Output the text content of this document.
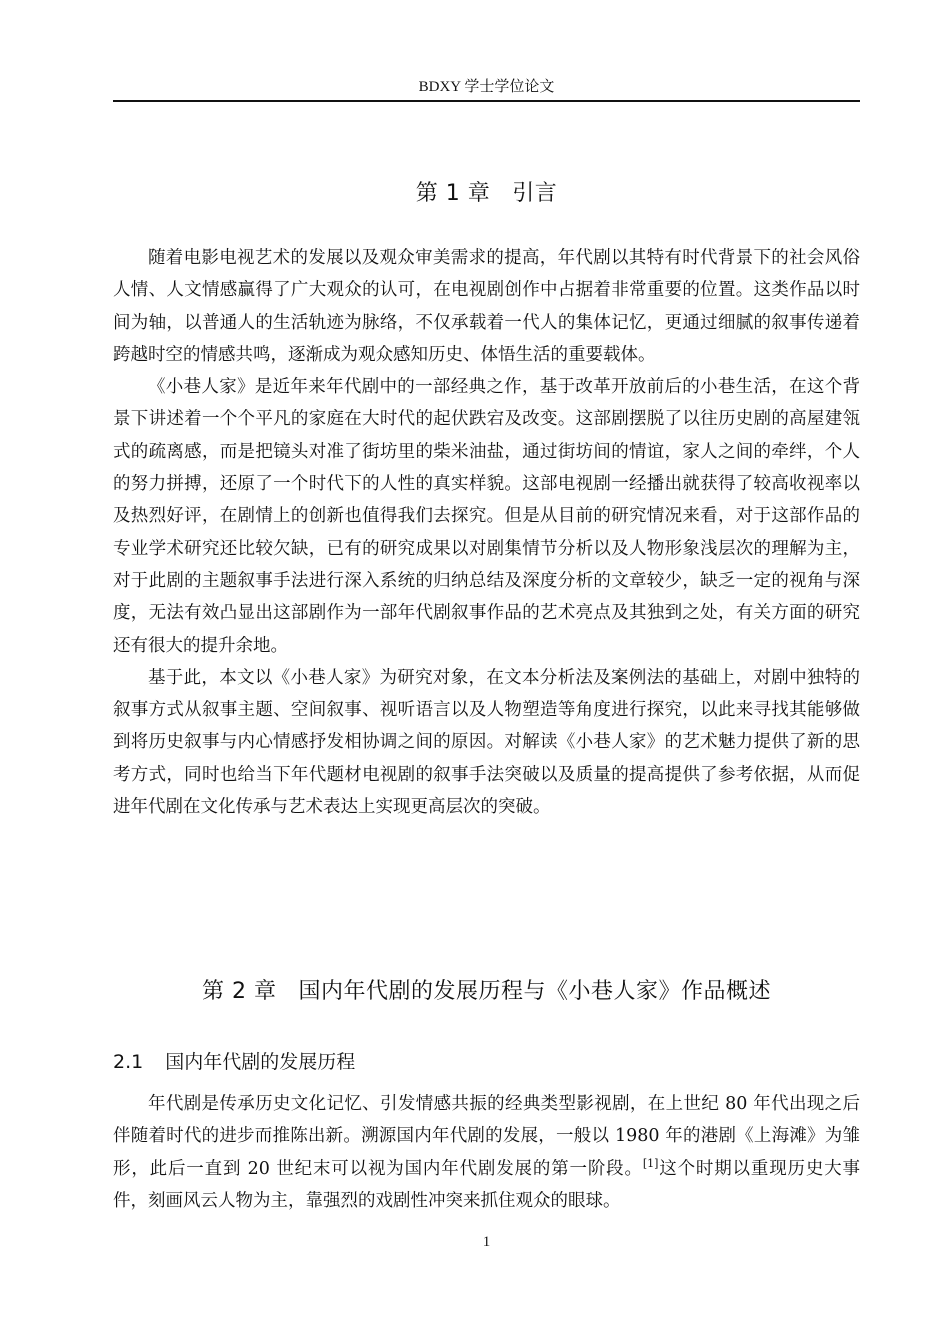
BDXY 学士学位论文
第 1 章 引言

随着电影电视艺术的发展以及观众审美需求的提高，年代剧以其特有时代背景下的社会风俗人情、人文情感赢得了广大观众的认可，在电视剧创作中占据着非常重要的位置。这类作品以时间为轴，以普通人的生活轨迹为脉络，不仅承载着一代人的集体记忆，更通过细腻的叙事传递着跨越时空的情感共鸣，逐渐成为观众感知历史、体悟生活的重要载体。

《小巷人家》是近年来年代剧中的一部经典之作，基于改革开放前后的小巷生活，在这个背景下讲述着一个个平凡的家庭在大时代的起伏跌宕及改变。这部剧摆脱了以往历史剧的高屋建瓴式的疏离感，而是把镜头对准了街坊里的柴米油盐，通过街坊间的情谊，家人之间的牵绊，个人的努力拼搏，还原了一个时代下的人性的真实样貌。这部电视剧一经播出就获得了较高收视率以及热烈好评，在剧情上的创新也值得我们去探究。但是从目前的研究情况来看，对于这部作品的专业学术研究还比较欠缺，已有的研究成果以对剧集情节分析以及人物形象浅层次的理解为主，对于此剧的主题叙事手法进行深入系统的归纳总结及深度分析的文章较少，缺乏一定的视角与深度，无法有效凸显出这部剧作为一部年代剧叙事作品的艺术亮点及其独到之处，有关方面的研究还有很大的提升余地。

基于此，本文以《小巷人家》为研究对象，在文本分析法及案例法的基础上，对剧中独特的叙事方式从叙事主题、空间叙事、视听语言以及人物塑造等角度进行探究，以此来寻找其能够做到将历史叙事与内心情感抒发相协调之间的原因。对解读《小巷人家》的艺术魅力提供了新的思考方式，同时也给当下年代题材电视剧的叙事手法突破以及质量的提高提供了参考依据，从而促进年代剧在文化传承与艺术表达上实现更高层次的突破。

第 2 章 国内年代剧的发展历程与《小巷人家》作品概述
2.1 国内年代剧的发展历程

年代剧是传承历史文化记忆、引发情感共振的经典类型影视剧，在上世纪 80 年代出现之后伴随着时代的进步而推陈出新。溯源国内年代剧的发展，一般以 1980 年的港剧《上海滩》为雏形，此后一直到 20 世纪末可以视为国内年代剧发展的第一阶段。[1]这个时期以重现历史大事件，刻画风云人物为主，靠强烈的戏剧性冲突来抓住观众的眼球。

1
